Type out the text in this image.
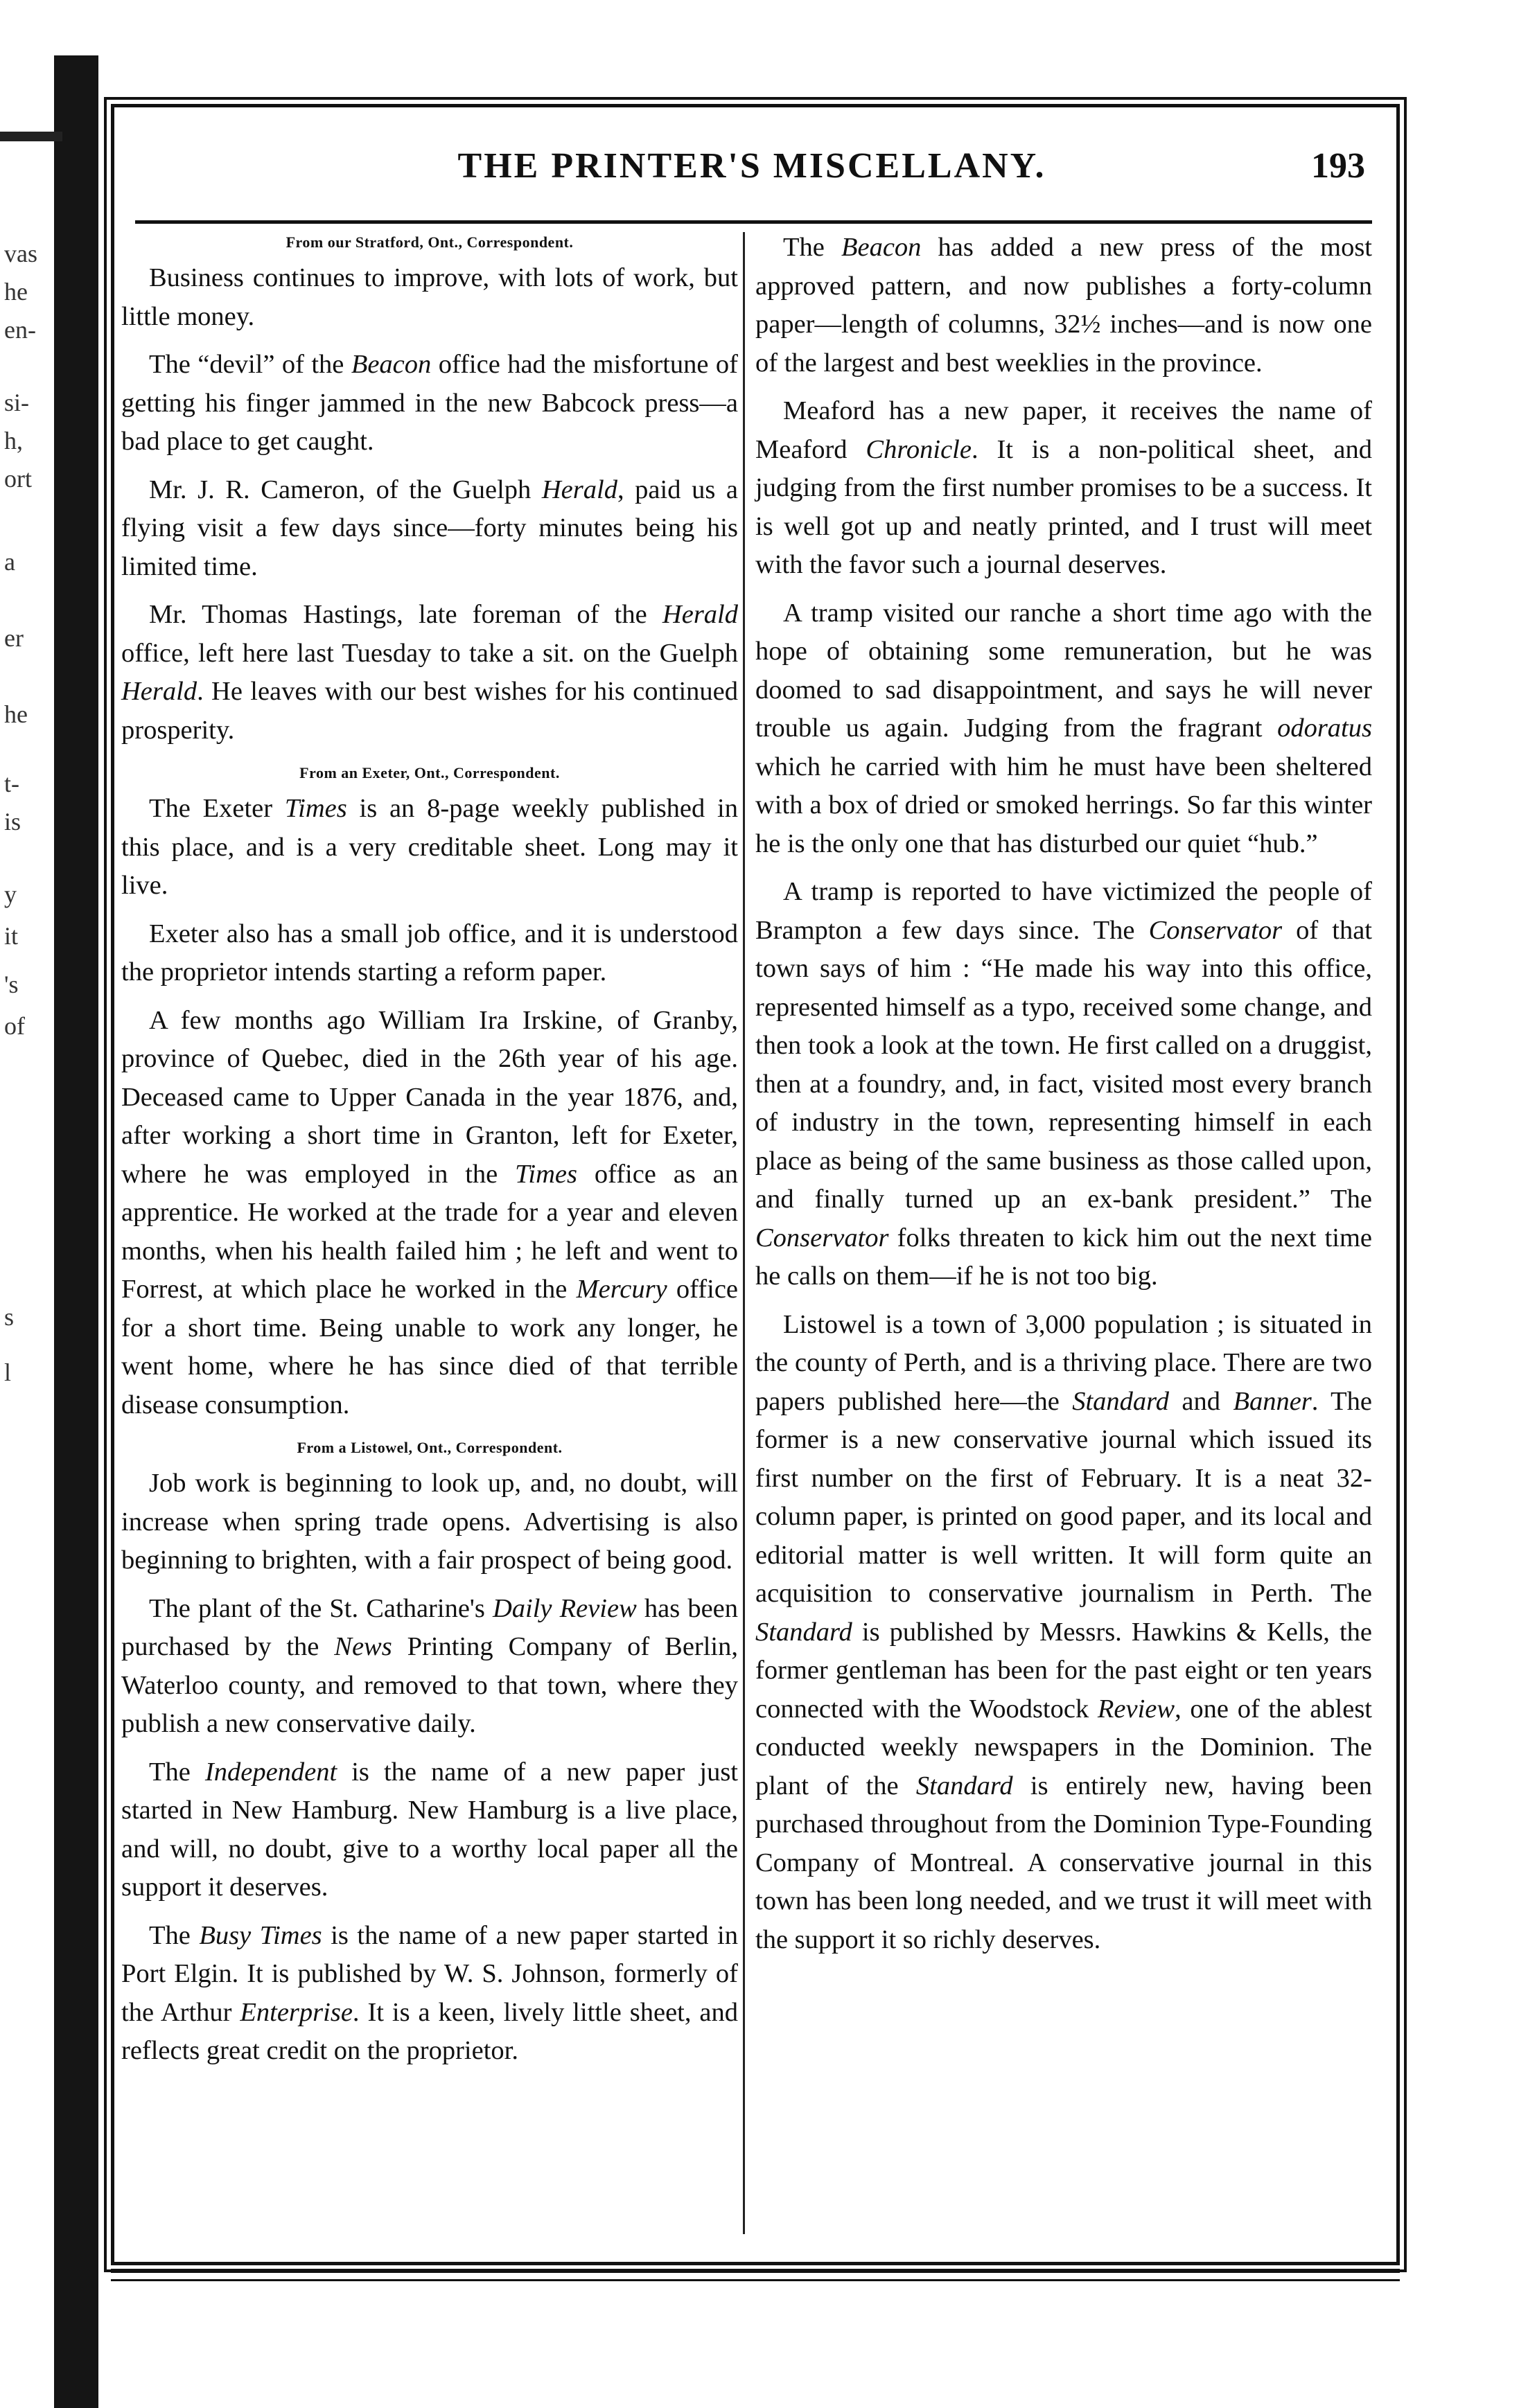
vas
he
en-
si-
h,
ort
a
er
he
t-
is
y
it
's
of
s
l
THE PRINTER'S MISCELLANY.	193

From our Stratford, Ont., Correspondent.

Business continues to improve, with lots of work, but little money.

The “devil” of the Beacon office had the misfortune of getting his finger jammed in the new Babcock press—a bad place to get caught.

Mr. J. R. Cameron, of the Guelph Herald, paid us a flying visit a few days since—forty minutes being his limited time.

Mr. Thomas Hastings, late foreman of the Herald office, left here last Tuesday to take a sit. on the Guelph Herald. He leaves with our best wishes for his continued prosperity.

From an Exeter, Ont., Correspondent.

The Exeter Times is an 8-page weekly published in this place, and is a very creditable sheet. Long may it live.

Exeter also has a small job office, and it is understood the proprietor intends starting a reform paper.

A few months ago William Ira Irskine, of Granby, province of Quebec, died in the 26th year of his age. Deceased came to Upper Canada in the year 1876, and, after working a short time in Granton, left for Exeter, where he was employed in the Times office as an apprentice. He worked at the trade for a year and eleven months, when his health failed him ; he left and went to Forrest, at which place he worked in the Mercury office for a short time. Being unable to work any longer, he went home, where he has since died of that terrible disease consumption.

From a Listowel, Ont., Correspondent.

Job work is beginning to look up, and, no doubt, will increase when spring trade opens. Advertising is also beginning to brighten, with a fair prospect of being good.

The plant of the St. Catharine's Daily Review has been purchased by the News Printing Company of Berlin, Waterloo county, and removed to that town, where they publish a new conservative daily.

The Independent is the name of a new paper just started in New Hamburg. New Hamburg is a live place, and will, no doubt, give to a worthy local paper all the support it deserves.

The Busy Times is the name of a new paper started in Port Elgin. It is published by W. S. Johnson, formerly of the Arthur Enterprise. It is a keen, lively little sheet, and reflects great credit on the proprietor.

The Beacon has added a new press of the most approved pattern, and now publishes a forty-column paper—length of columns, 32½ inches—and is now one of the largest and best weeklies in the province.

Meaford has a new paper, it receives the name of Meaford Chronicle. It is a non-political sheet, and judging from the first number promises to be a success. It is well got up and neatly printed, and I trust will meet with the favor such a journal deserves.

A tramp visited our ranche a short time ago with the hope of obtaining some remuneration, but he was doomed to sad disappointment, and says he will never trouble us again. Judging from the fragrant odoratus which he carried with him he must have been sheltered with a box of dried or smoked herrings. So far this winter he is the only one that has disturbed our quiet “hub.”

A tramp is reported to have victimized the people of Brampton a few days since. The Conservator of that town says of him : “He made his way into this office, represented himself as a typo, received some change, and then took a look at the town. He first called on a druggist, then at a foundry, and, in fact, visited most every branch of industry in the town, representing himself in each place as being of the same business as those called upon, and finally turned up an ex-bank president.” The Conservator folks threaten to kick him out the next time he calls on them—if he is not too big.

Listowel is a town of 3,000 population ; is situated in the county of Perth, and is a thriving place. There are two papers published here—the Standard and Banner. The former is a new conservative journal which issued its first number on the first of February. It is a neat 32-column paper, is printed on good paper, and its local and editorial matter is well written. It will form quite an acquisition to conservative journalism in Perth. The Standard is published by Messrs. Hawkins & Kells, the former gentleman has been for the past eight or ten years connected with the Woodstock Review, one of the ablest conducted weekly newspapers in the Dominion. The plant of the Standard is entirely new, having been purchased throughout from the Dominion Type-Founding Company of Montreal. A conservative journal in this town has been long needed, and we trust it will meet with the support it so richly deserves.
